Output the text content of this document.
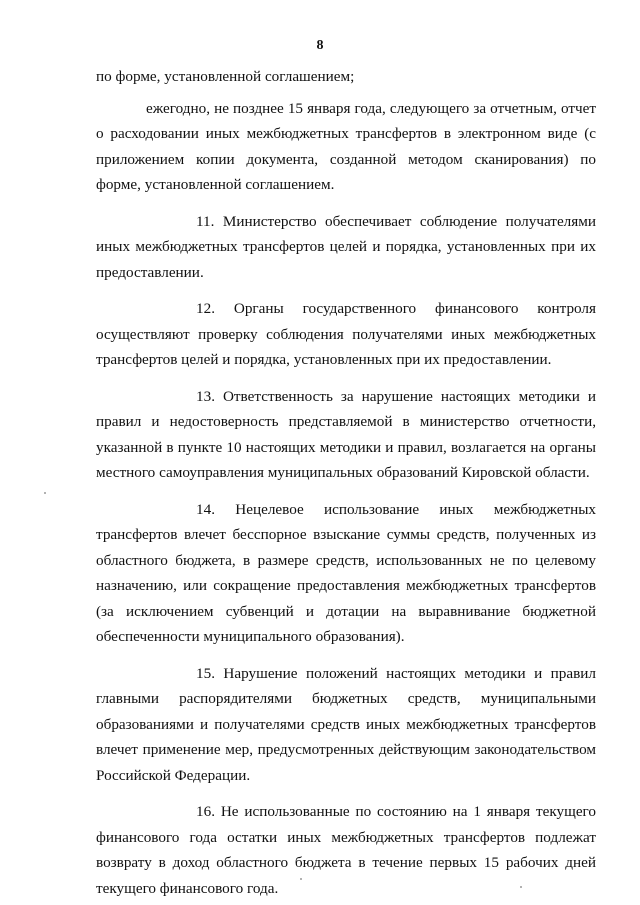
8

по форме, установленной соглашением;

ежегодно, не позднее 15 января года, следующего за отчетным, отчет о расходовании иных межбюджетных трансфертов в электронном виде (с приложением копии документа, созданной методом сканирования) по форме, установленной соглашением.

11. Министерство обеспечивает соблюдение получателями иных межбюджетных трансфертов целей и порядка, установленных при их предоставлении.

12. Органы государственного финансового контроля осуществляют проверку соблюдения получателями иных межбюджетных трансфертов целей и порядка, установленных при их предоставлении.

13. Ответственность за нарушение настоящих методики и правил и недостоверность представляемой в министерство отчетности, указанной в пункте 10 настоящих методики и правил, возлагается на органы местного самоуправления муниципальных образований Кировской области.

14. Нецелевое использование иных межбюджетных трансфертов влечет бесспорное взыскание суммы средств, полученных из областного бюджета, в размере средств, использованных не по целевому назначению, или сокращение предоставления межбюджетных трансфертов (за исключением субвенций и дотации на выравнивание бюджетной обеспеченности муниципального образования).

15. Нарушение положений настоящих методики и правил главными распорядителями бюджетных средств, муниципальными образованиями и получателями средств иных межбюджетных трансфертов влечет применение мер, предусмотренных действующим законодательством Российской Федерации.

16. Не использованные по состоянию на 1 января текущего финансового года остатки иных межбюджетных трансфертов подлежат возврату в доход областного бюджета в течение первых 15 рабочих дней текущего финансового года.
